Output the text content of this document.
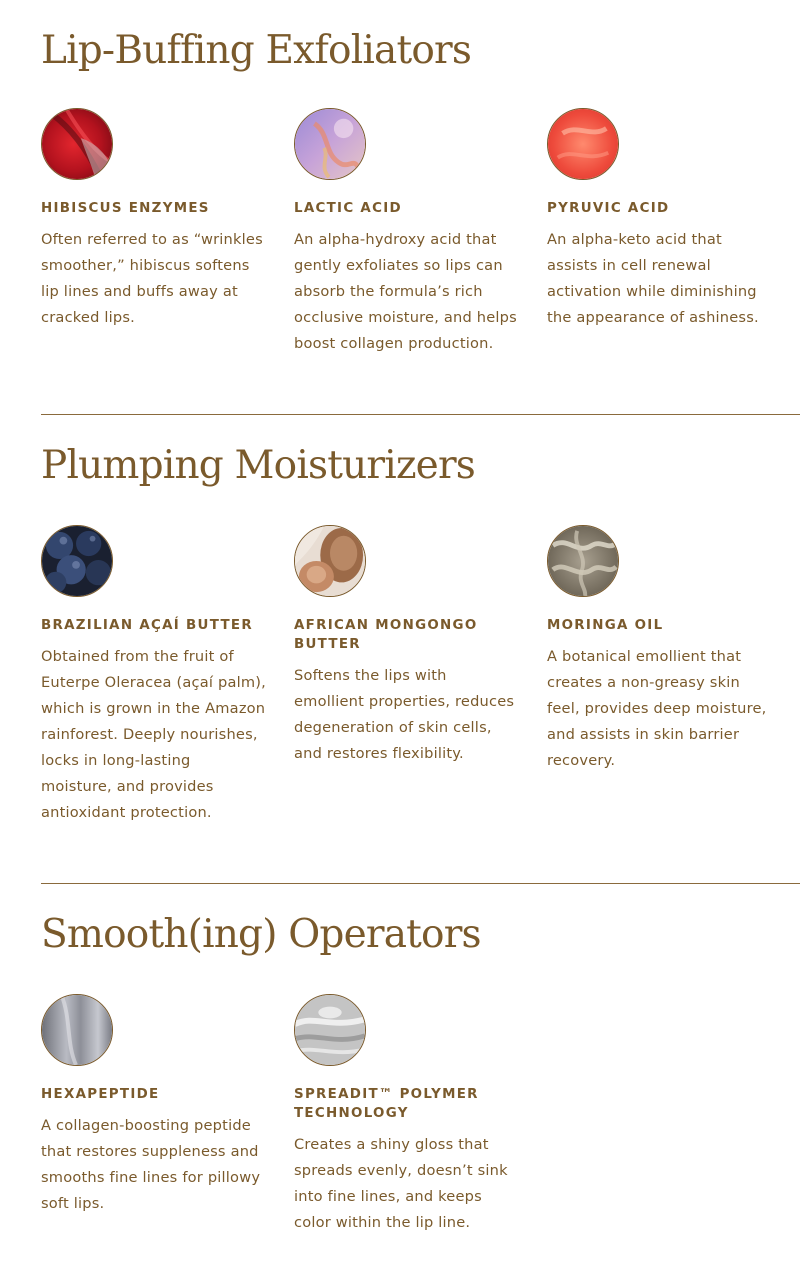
Lip-Buffing Exfoliators
HIBISCUS ENZYMES
Often referred to as “wrinkles smoother,” hibiscus softens lip lines and buffs away at cracked lips.
LACTIC ACID
An alpha-hydroxy acid that gently exfoliates so lips can absorb the formula’s rich occlusive moisture, and helps boost collagen production.
PYRUVIC ACID
An alpha-keto acid that assists in cell renewal activation while diminishing the appearance of ashiness.
Plumping Moisturizers
BRAZILIAN AÇAÍ BUTTER
Obtained from the fruit of Euterpe Oleracea (açaí palm), which is grown in the Amazon rainforest. Deeply nourishes, locks in long-lasting moisture, and provides antioxidant protection.
AFRICAN MONGONGO BUTTER
Softens the lips with emollient properties, reduces degeneration of skin cells, and restores flexibility.
MORINGA OIL
A botanical emollient that creates a non-greasy skin feel, provides deep moisture, and assists in skin barrier recovery.
Smooth(ing) Operators
HEXAPEPTIDE
A collagen-boosting peptide that restores suppleness and smooths fine lines for pillowy soft lips.
SPREADIT™ POLYMER TECHNOLOGY
Creates a shiny gloss that spreads evenly, doesn’t sink into fine lines, and keeps color within the lip line.
